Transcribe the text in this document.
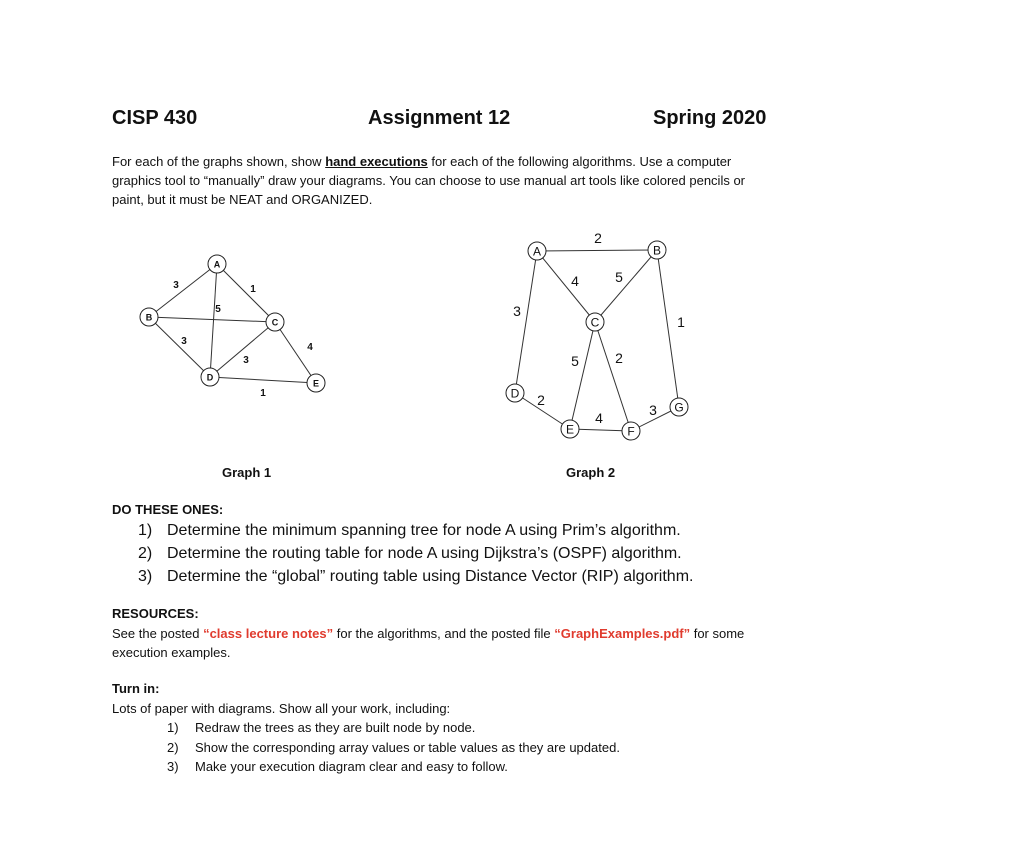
CISP 430	Assignment 12	Spring 2020
For each of the graphs shown, show hand executions for each of the following algorithms. Use a computer graphics tool to “manually” draw your diagrams. You can choose to use manual art tools like colored pencils or paint, but it must be NEAT and ORGANIZED.
3	1
5
3
3
4
1
A
B	C
D
E
Graph 1
2
4	5
3
1
5	2
2
4	3
A	B
C
D
E	F
G
Graph 2
DO THESE ONES:
1) Determine the minimum spanning tree for node A using Prim’s algorithm.
2) Determine the routing table for node A using Dijkstra’s (OSPF) algorithm.
3) Determine the “global” routing table using Distance Vector (RIP) algorithm.
RESOURCES:
See the posted “class lecture notes” for the algorithms, and the posted file “GraphExamples.pdf” for some execution examples.
Turn in:
Lots of paper with diagrams. Show all your work, including:
1) Redraw the trees as they are built node by node.
2) Show the corresponding array values or table values as they are updated.
3) Make your execution diagram clear and easy to follow.
